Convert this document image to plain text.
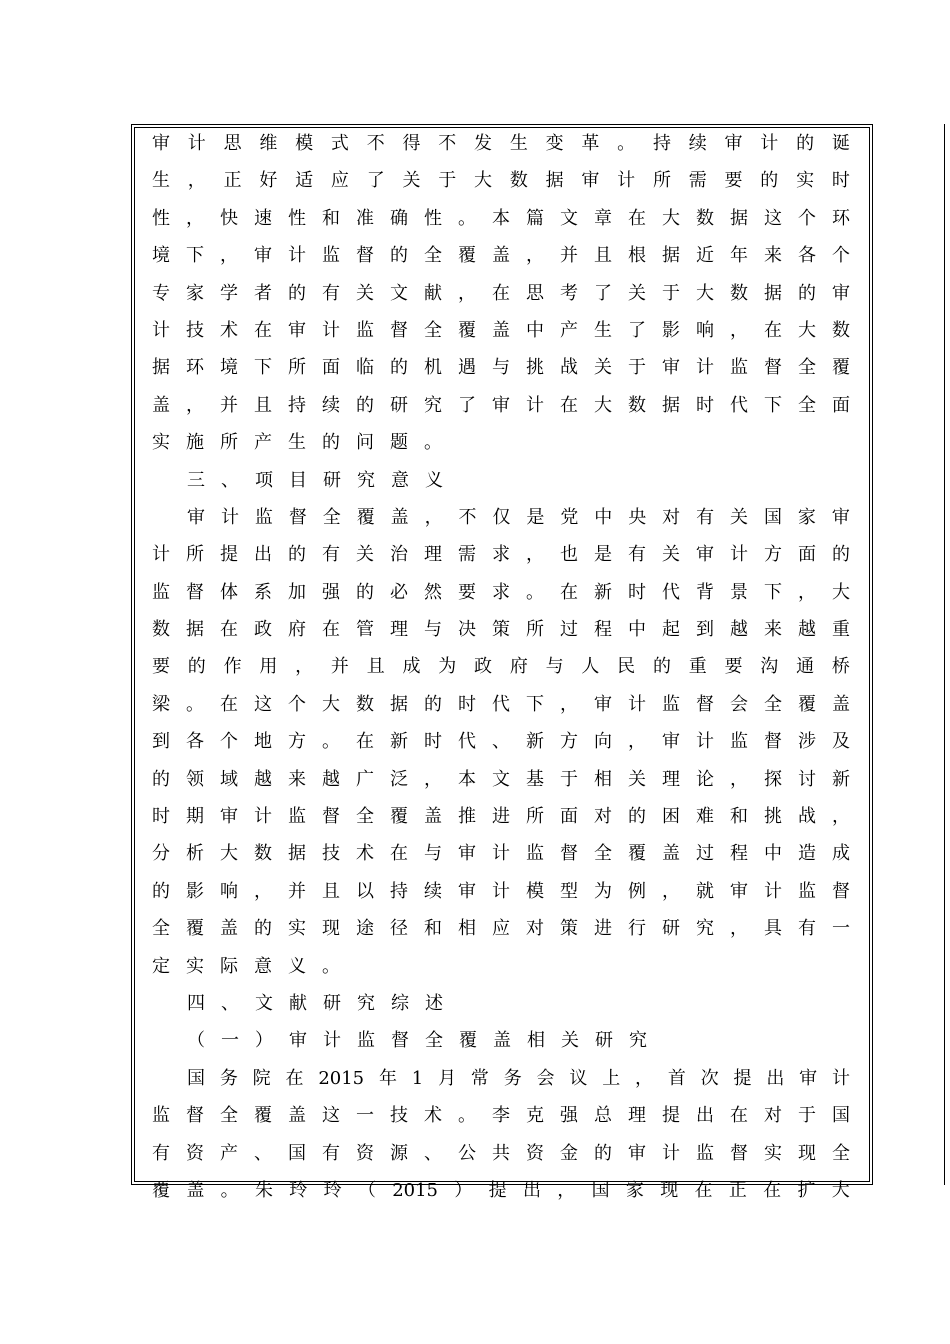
审 计 思 维 模 式 不 得 不 发 生 变 革 。 持 续 审 计 的 诞
生 ， 正 好 适 应 了 关 于 大 数 据 审 计 所 需 要 的 实 时
性 ， 快 速 性 和 准 确 性 。 本 篇 文 章 在 大 数 据 这 个 环
境 下 ， 审 计 监 督 的 全 覆 盖 ， 并 且 根 据 近 年 来 各 个
专 家 学 者 的 有 关 文 献 ， 在 思 考 了 关 于 大 数 据 的 审
计 技 术 在 审 计 监 督 全 覆 盖 中 产 生 了 影 响 ， 在 大 数
据 环 境 下 所 面 临 的 机 遇 与 挑 战 关 于 审 计 监 督 全 覆
盖 ， 并 且 持 续 的 研 究 了 审 计 在 大 数 据 时 代 下 全 面
实 施 所 产 生 的 问 题 。
三 、 项 目 研 究 意 义
审 计 监 督 全 覆 盖 ， 不 仅 是 党 中 央 对 有 关 国 家 审
计 所 提 出 的 有 关 治 理 需 求 ， 也 是 有 关 审 计 方 面 的
监 督 体 系 加 强 的 必 然 要 求 。 在 新 时 代 背 景 下 ， 大
数 据 在 政 府 在 管 理 与 决 策 所 过 程 中 起 到 越 来 越 重
要 的 作 用 ， 并 且 成 为 政 府 与 人 民 的 重 要 沟 通 桥
梁 。 在 这 个 大 数 据 的 时 代 下 ， 审 计 监 督 会 全 覆 盖
到 各 个 地 方 。 在 新 时 代 、 新 方 向 ， 审 计 监 督 涉 及
的 领 域 越 来 越 广 泛 ， 本 文 基 于 相 关 理 论 ， 探 讨 新
时 期 审 计 监 督 全 覆 盖 推 进 所 面 对 的 困 难 和 挑 战 ，
分 析 大 数 据 技 术 在 与 审 计 监 督 全 覆 盖 过 程 中 造 成
的 影 响 ， 并 且 以 持 续 审 计 模 型 为 例 ， 就 审 计 监 督
全 覆 盖 的 实 现 途 径 和 相 应 对 策 进 行 研 究 ， 具 有 一
定 实 际 意 义 。
四 、 文 献 研 究 综 述
（ 一 ） 审 计 监 督 全 覆 盖 相 关 研 究
国 务 院 在 2015 年 1 月 常 务 会 议 上 ， 首 次 提 出 审 计
监 督 全 覆 盖 这 一 技 术 。 李 克 强 总 理 提 出 在 对 于 国
有 资 产 、 国 有 资 源 、 公 共 资 金 的 审 计 监 督 实 现 全
覆 盖 。 朱 玲 玲 （ 2015 ） 提 出 ， 国 家 现 在 正 在 扩 大
